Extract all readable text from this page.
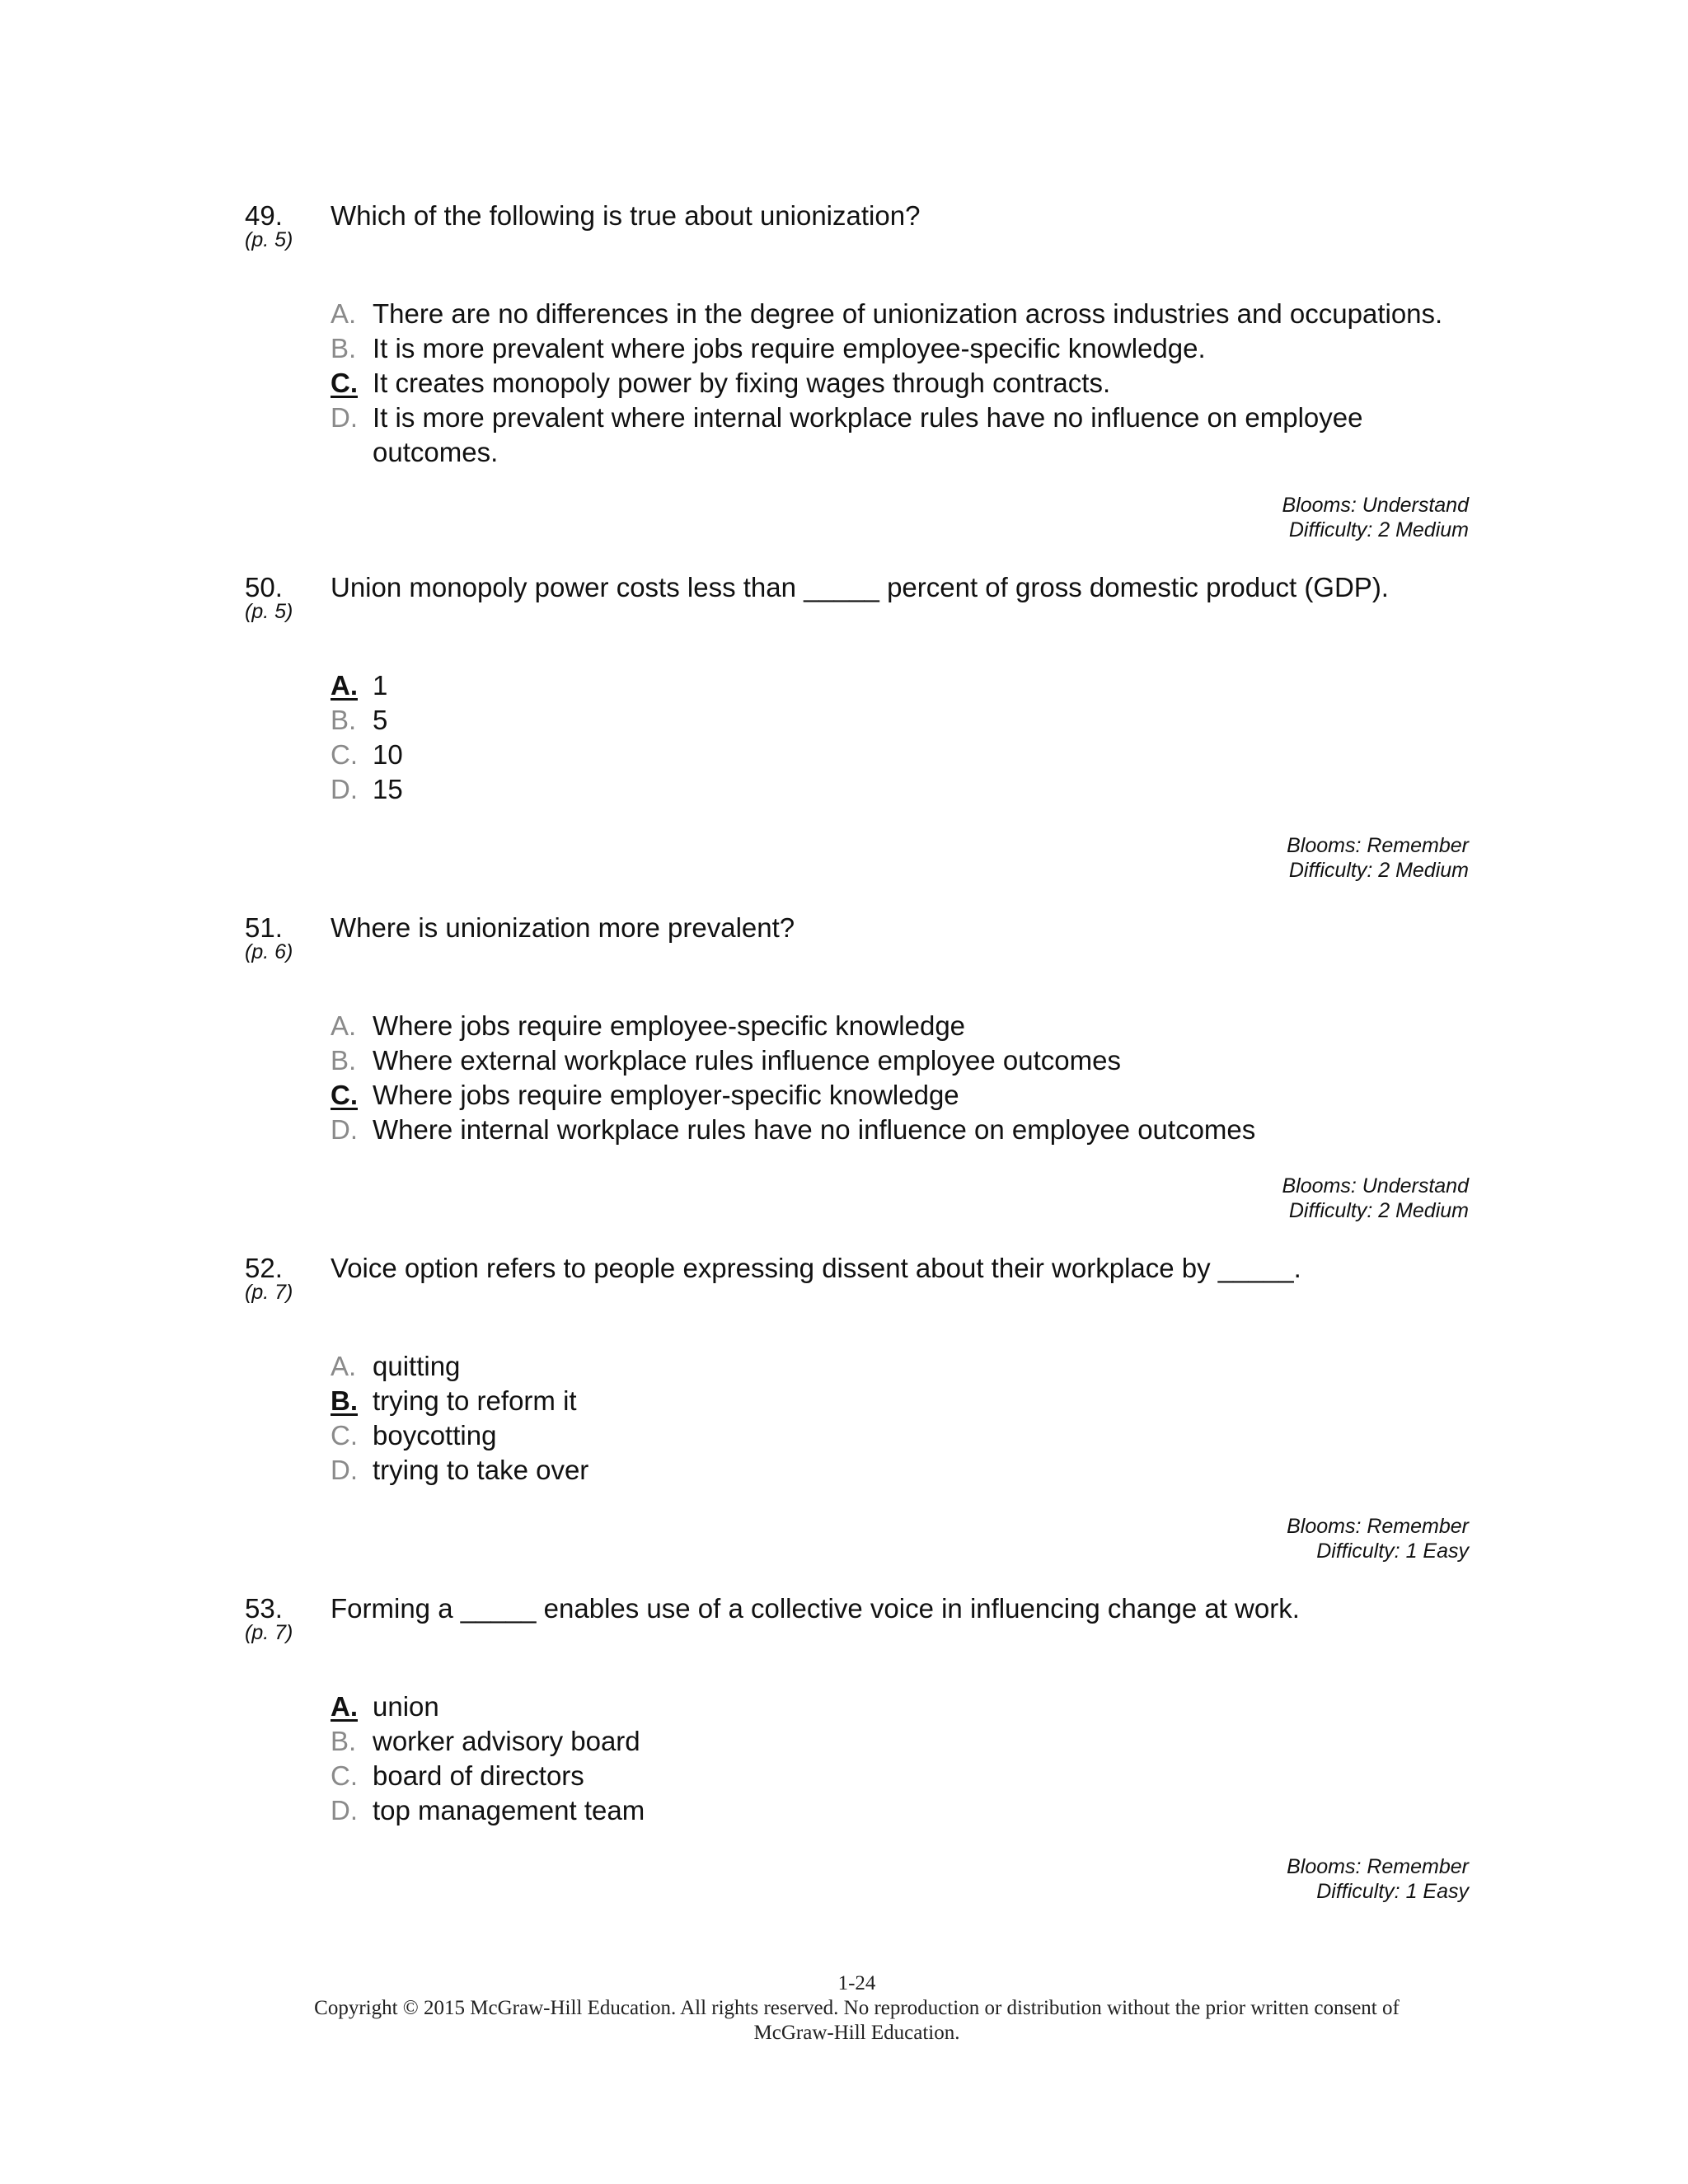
49.
(p. 5)
Which of the following is true about unionization?
A. There are no differences in the degree of unionization across industries and occupations.
B. It is more prevalent where jobs require employee-specific knowledge.
C. It creates monopoly power by fixing wages through contracts.
D. It is more prevalent where internal workplace rules have no influence on employee outcomes.
Blooms: Understand
Difficulty: 2 Medium
50.
(p. 5)
Union monopoly power costs less than _____ percent of gross domestic product (GDP).
A. 1
B. 5
C. 10
D. 15
Blooms: Remember
Difficulty: 2 Medium
51.
(p. 6)
Where is unionization more prevalent?
A. Where jobs require employee-specific knowledge
B. Where external workplace rules influence employee outcomes
C. Where jobs require employer-specific knowledge
D. Where internal workplace rules have no influence on employee outcomes
Blooms: Understand
Difficulty: 2 Medium
52.
(p. 7)
Voice option refers to people expressing dissent about their workplace by _____.
A. quitting
B. trying to reform it
C. boycotting
D. trying to take over
Blooms: Remember
Difficulty: 1 Easy
53.
(p. 7)
Forming a _____ enables use of a collective voice in influencing change at work.
A. union
B. worker advisory board
C. board of directors
D. top management team
Blooms: Remember
Difficulty: 1 Easy
1-24
Copyright © 2015 McGraw-Hill Education. All rights reserved. No reproduction or distribution without the prior written consent of
McGraw-Hill Education.
